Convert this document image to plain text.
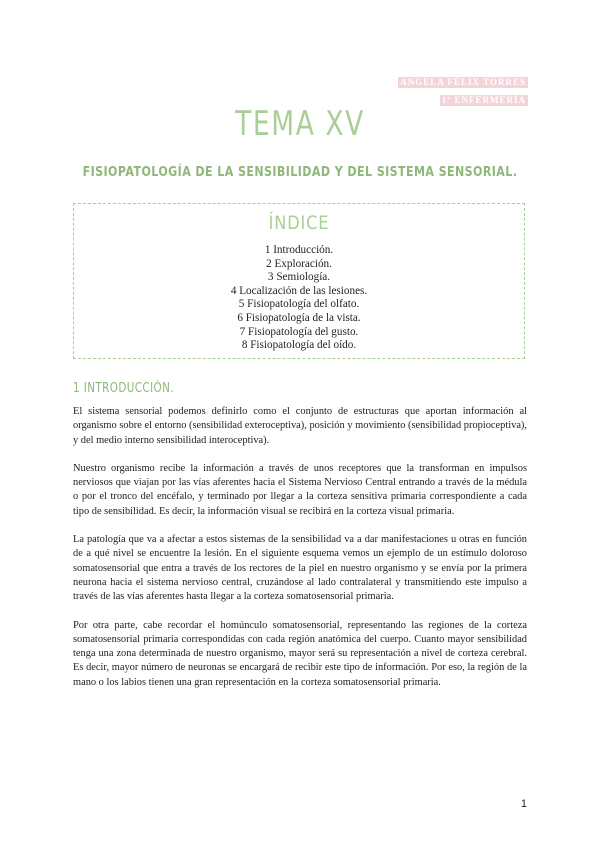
ANGELA FÉLIX TORRES
1º ENFERMERÍA
TEMA XV
FISIOPATOLOGÍA DE LA SENSIBILIDAD Y DEL SISTEMA SENSORIAL.
ÍNDICE
1 Introducción.
2 Exploración.
3 Semiología.
4 Localización de las lesiones.
5 Fisiopatología del olfato.
6 Fisiopatología de la vista.
7 Fisiopatología del gusto.
8 Fisiopatología del oído.
1 INTRODUCCIÓN.

El sistema sensorial podemos definirlo como el conjunto de estructuras que aportan información al organismo sobre el entorno (sensibilidad exteroceptiva), posición y movimiento (sensibilidad propioceptiva), y del medio interno sensibilidad interoceptiva).

Nuestro organismo recibe la información a través de unos receptores que la transforman en impulsos nerviosos que viajan por las vías aferentes hacia el Sistema Nervioso Central entrando a través de la médula o por el tronco del encéfalo, y terminado por llegar a la corteza sensitiva primaria correspondiente a cada tipo de sensibilidad. Es decir, la información visual se recibirá en la corteza visual primaria.

La patología que va a afectar a estos sistemas de la sensibilidad va a dar manifestaciones u otras en función de a qué nivel se encuentre la lesión. En el siguiente esquema vemos un ejemplo de un estímulo doloroso somatosensorial que entra a través de los rectores de la piel en nuestro organismo y se envía por la primera neurona hacia el sistema nervioso central, cruzándose al lado contralateral y transmitiendo este impulso a través de las vías aferentes hasta llegar a la corteza somatosensorial primaria.

Por otra parte, cabe recordar el homúnculo somatosensorial, representando las regiones de la corteza somatosensorial primaria correspondidas con cada región anatómica del cuerpo. Cuanto mayor sensibilidad tenga una zona determinada de nuestro organismo, mayor será su representación a nivel de corteza cerebral. Es decir, mayor número de neuronas se encargará de recibir este tipo de información. Por eso, la región de la mano o los labios tienen una gran representación en la corteza somatosensorial primaria.

1
